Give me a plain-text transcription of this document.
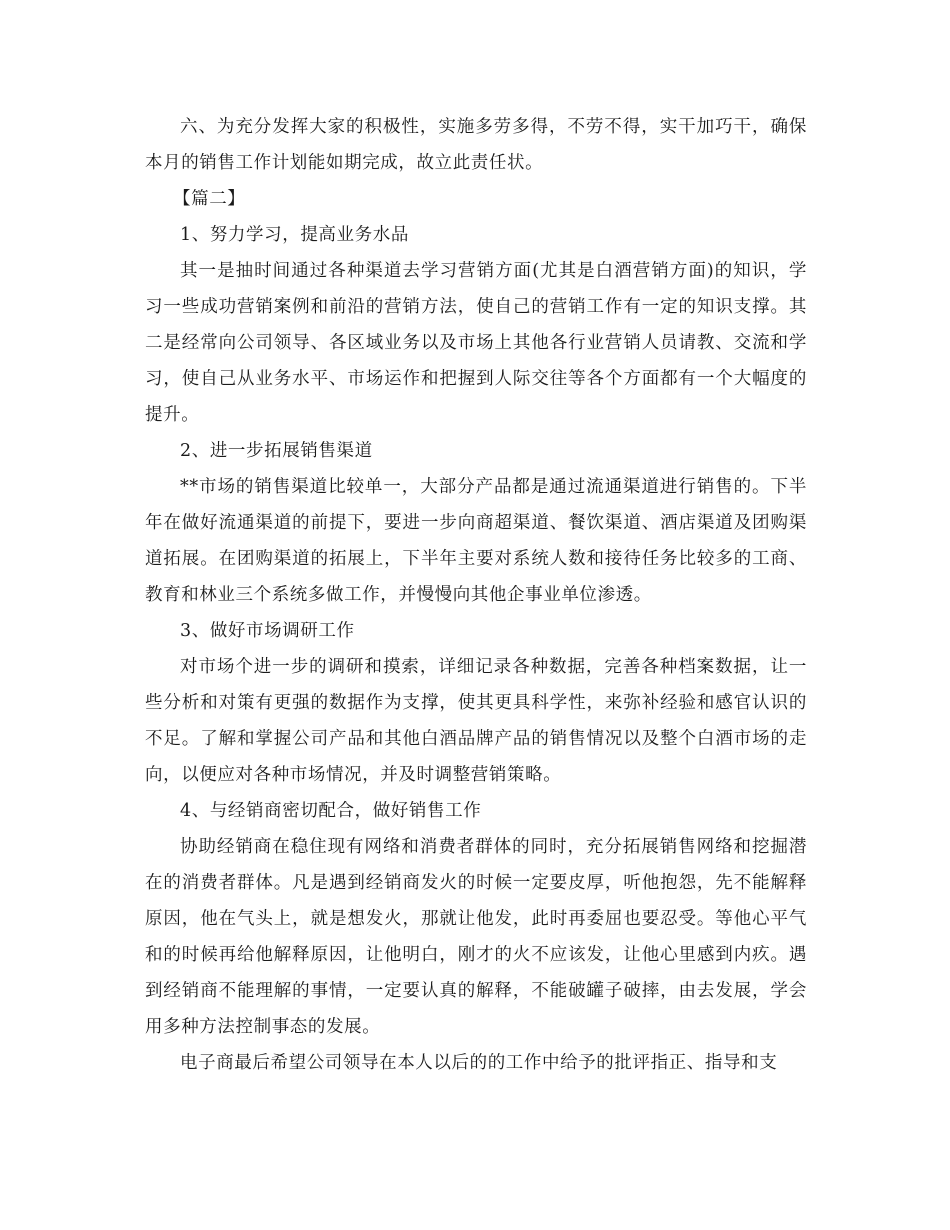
六、为充分发挥大家的积极性，实施多劳多得，不劳不得，实干加巧干，确保本月的销售工作计划能如期完成，故立此责任状。

【篇二】

1、努力学习，提高业务水品

其一是抽时间通过各种渠道去学习营销方面(尤其是白酒营销方面)的知识，学习一些成功营销案例和前沿的营销方法，使自己的营销工作有一定的知识支撑。其二是经常向公司领导、各区域业务以及市场上其他各行业营销人员请教、交流和学习，使自己从业务水平、市场运作和把握到人际交往等各个方面都有一个大幅度的提升。

2、进一步拓展销售渠道

**市场的销售渠道比较单一，大部分产品都是通过流通渠道进行销售的。下半年在做好流通渠道的前提下，要进一步向商超渠道、餐饮渠道、酒店渠道及团购渠道拓展。在团购渠道的拓展上，下半年主要对系统人数和接待任务比较多的工商、教育和林业三个系统多做工作，并慢慢向其他企事业单位渗透。

3、做好市场调研工作

对市场个进一步的调研和摸索，详细记录各种数据，完善各种档案数据，让一些分析和对策有更强的数据作为支撑，使其更具科学性，来弥补经验和感官认识的不足。了解和掌握公司产品和其他白酒品牌产品的销售情况以及整个白酒市场的走向，以便应对各种市场情况，并及时调整营销策略。

4、与经销商密切配合，做好销售工作

协助经销商在稳住现有网络和消费者群体的同时，充分拓展销售网络和挖掘潜在的消费者群体。凡是遇到经销商发火的时候一定要皮厚，听他抱怨，先不能解释原因，他在气头上，就是想发火，那就让他发，此时再委屈也要忍受。等他心平气和的时候再给他解释原因，让他明白，刚才的火不应该发，让他心里感到内疚。遇到经销商不能理解的事情，一定要认真的解释，不能破罐子破摔，由去发展，学会用多种方法控制事态的发展。

电子商最后希望公司领导在本人以后的的工作中给予的批评指正、指导和支
